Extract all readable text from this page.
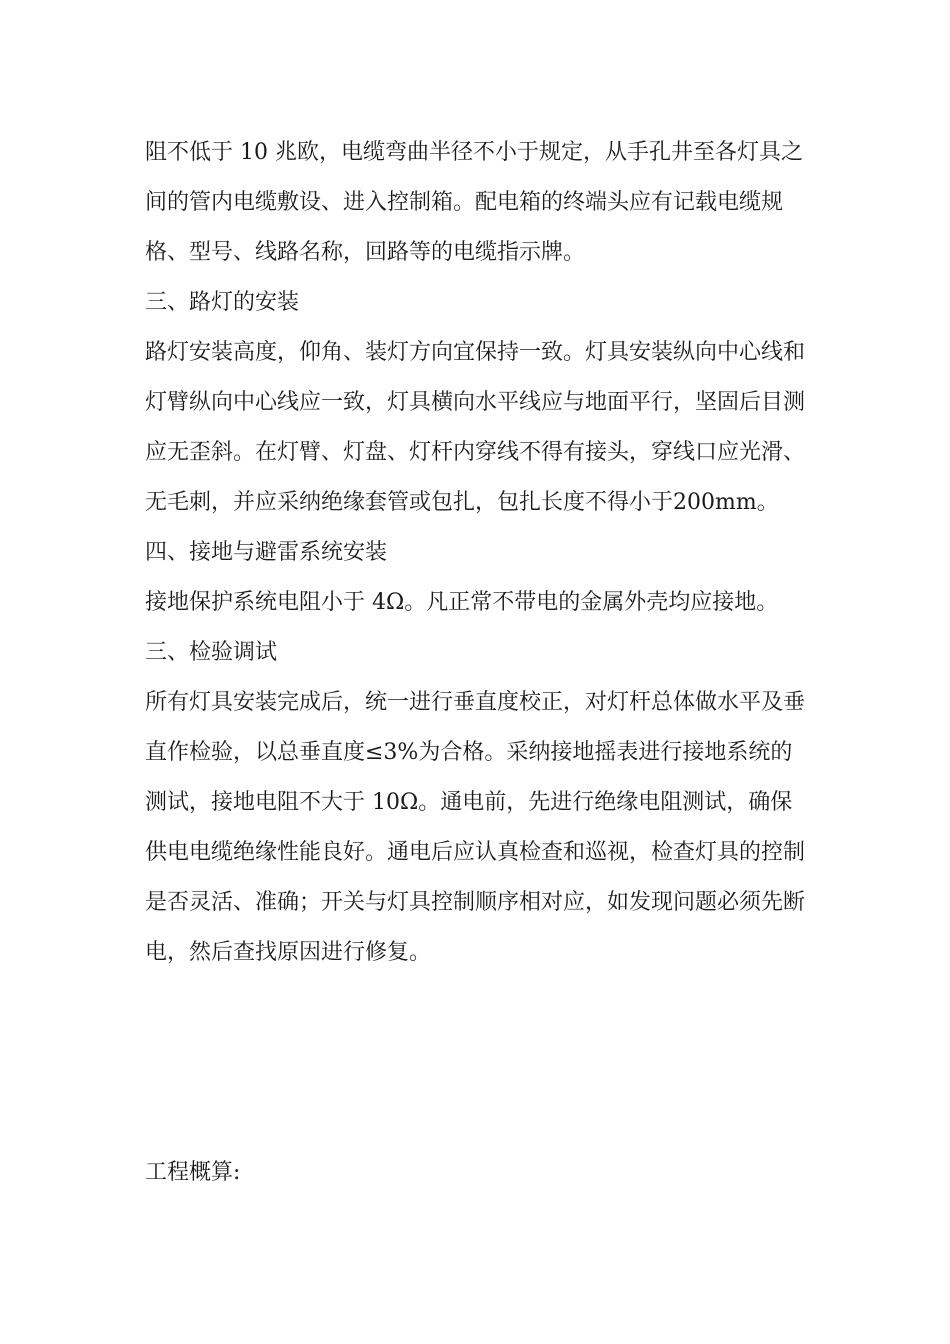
阻不低于 10 兆欧，电缆弯曲半径不小于规定，从手孔井至各灯具之间的管内电缆敷设、进入控制箱。配电箱的终端头应有记载电缆规格、型号、线路名称，回路等的电缆指示牌。

三、路灯的安装

路灯安装高度，仰角、装灯方向宜保持一致。灯具安装纵向中心线和灯臂纵向中心线应一致，灯具横向水平线应与地面平行，坚固后目测应无歪斜。在灯臂、灯盘、灯杆内穿线不得有接头，穿线口应光滑、无毛刺，并应采纳绝缘套管或包扎，包扎长度不得小于200mm。

四、接地与避雷系统安装

接地保护系统电阻小于 4Ω。凡正常不带电的金属外壳均应接地。

三、检验调试

所有灯具安装完成后，统一进行垂直度校正，对灯杆总体做水平及垂直作检验，以总垂直度≤3%为合格。采纳接地摇表进行接地系统的测试，接地电阻不大于 10Ω。通电前，先进行绝缘电阻测试，确保供电电缆绝缘性能良好。通电后应认真检查和巡视，检查灯具的控制是否灵活、准确；开关与灯具控制顺序相对应，如发现问题必须先断电，然后查找原因进行修复。

工程概算:
